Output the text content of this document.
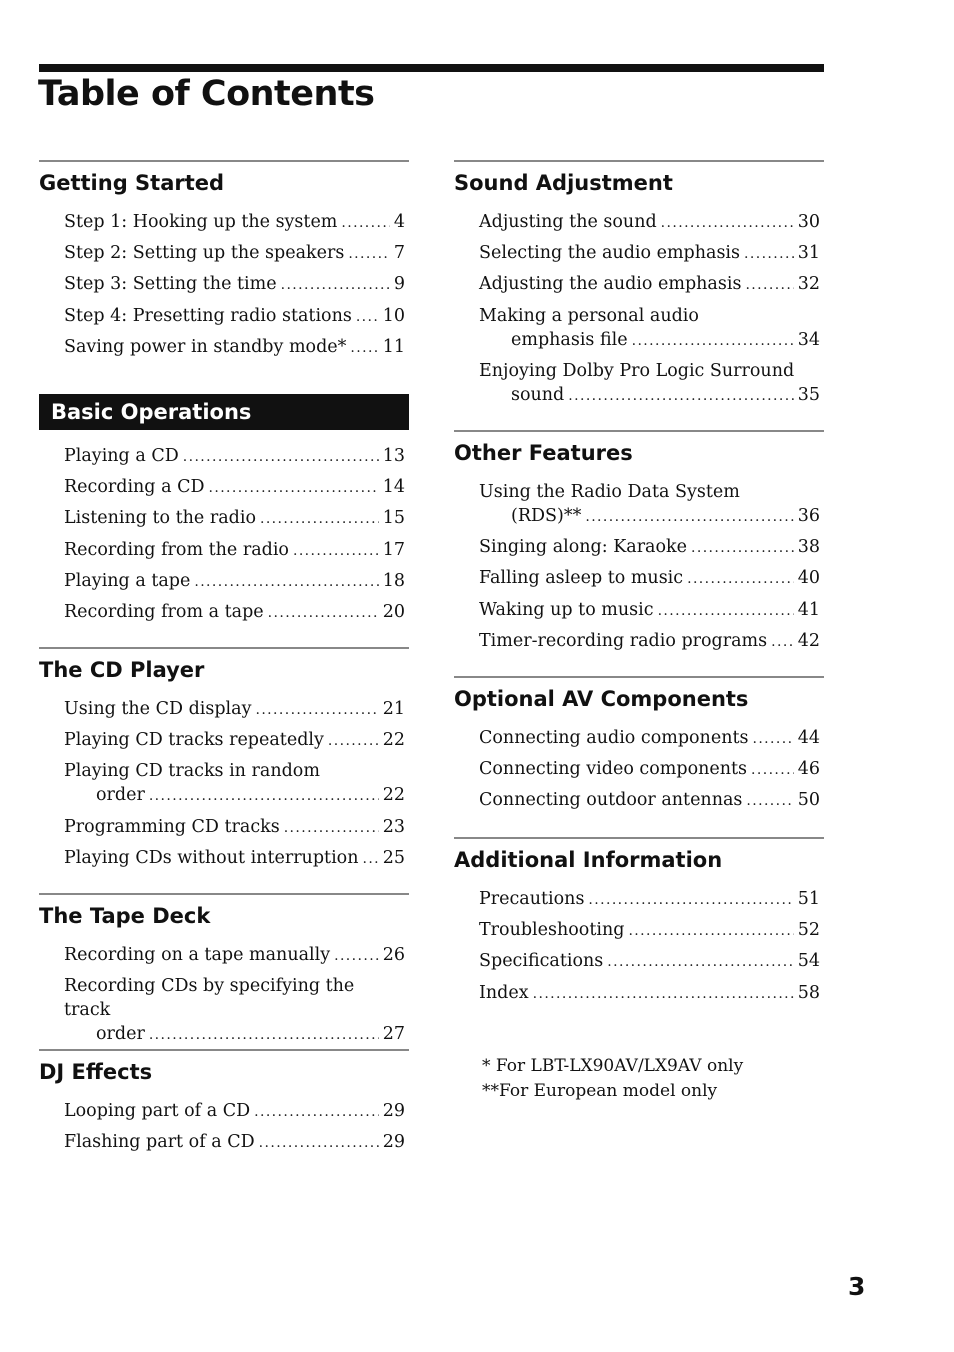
Table of Contents
Getting Started
Step 1: Hooking up the system .....	4
Step 2: Setting up the speakers .....	7
Step 3: Setting the time .....	9
Step 4: Presetting radio stations ..... 10
Saving power in standby mode* ..... 11
Basic Operations
Playing a CD .....	13
Recording a CD .....	14
Listening to the radio .....	15
Recording from the radio .....	17
Playing a tape .....	18
Recording from a tape .....	20
The CD Player
Using the CD display .....	21
Playing CD tracks repeatedly .....	22
Playing CD tracks in random
order .....	22
Programming CD tracks .....	23
Playing CDs without interruption ..... 25
The Tape Deck
Recording on a tape manually .....	26
Recording CDs by specifying the track
order .....	27
DJ Effects
Looping part of a CD .....	29
Flashing part of a CD .....	29
Sound Adjustment
Adjusting the sound .....	30
Selecting the audio emphasis .....	31
Adjusting the audio emphasis .....	32
Making a personal audio
emphasis file .....	34
Enjoying Dolby Pro Logic Surround
sound .....	35
Other Features
Using the Radio Data System
(RDS)** .....	36
Singing along: Karaoke .....	38
Falling asleep to music .....	40
Waking up to music .....	41
Timer-recording radio programs ..... 42
Optional AV Components
Connecting audio components .....	44
Connecting video components .....	46
Connecting outdoor antennas .....	50
Additional Information
Precautions .....	51
Troubleshooting .....	52
Specifications .....	54
Index .....	58
* For LBT-LX90AV/LX9AV only
**For European model only
3
